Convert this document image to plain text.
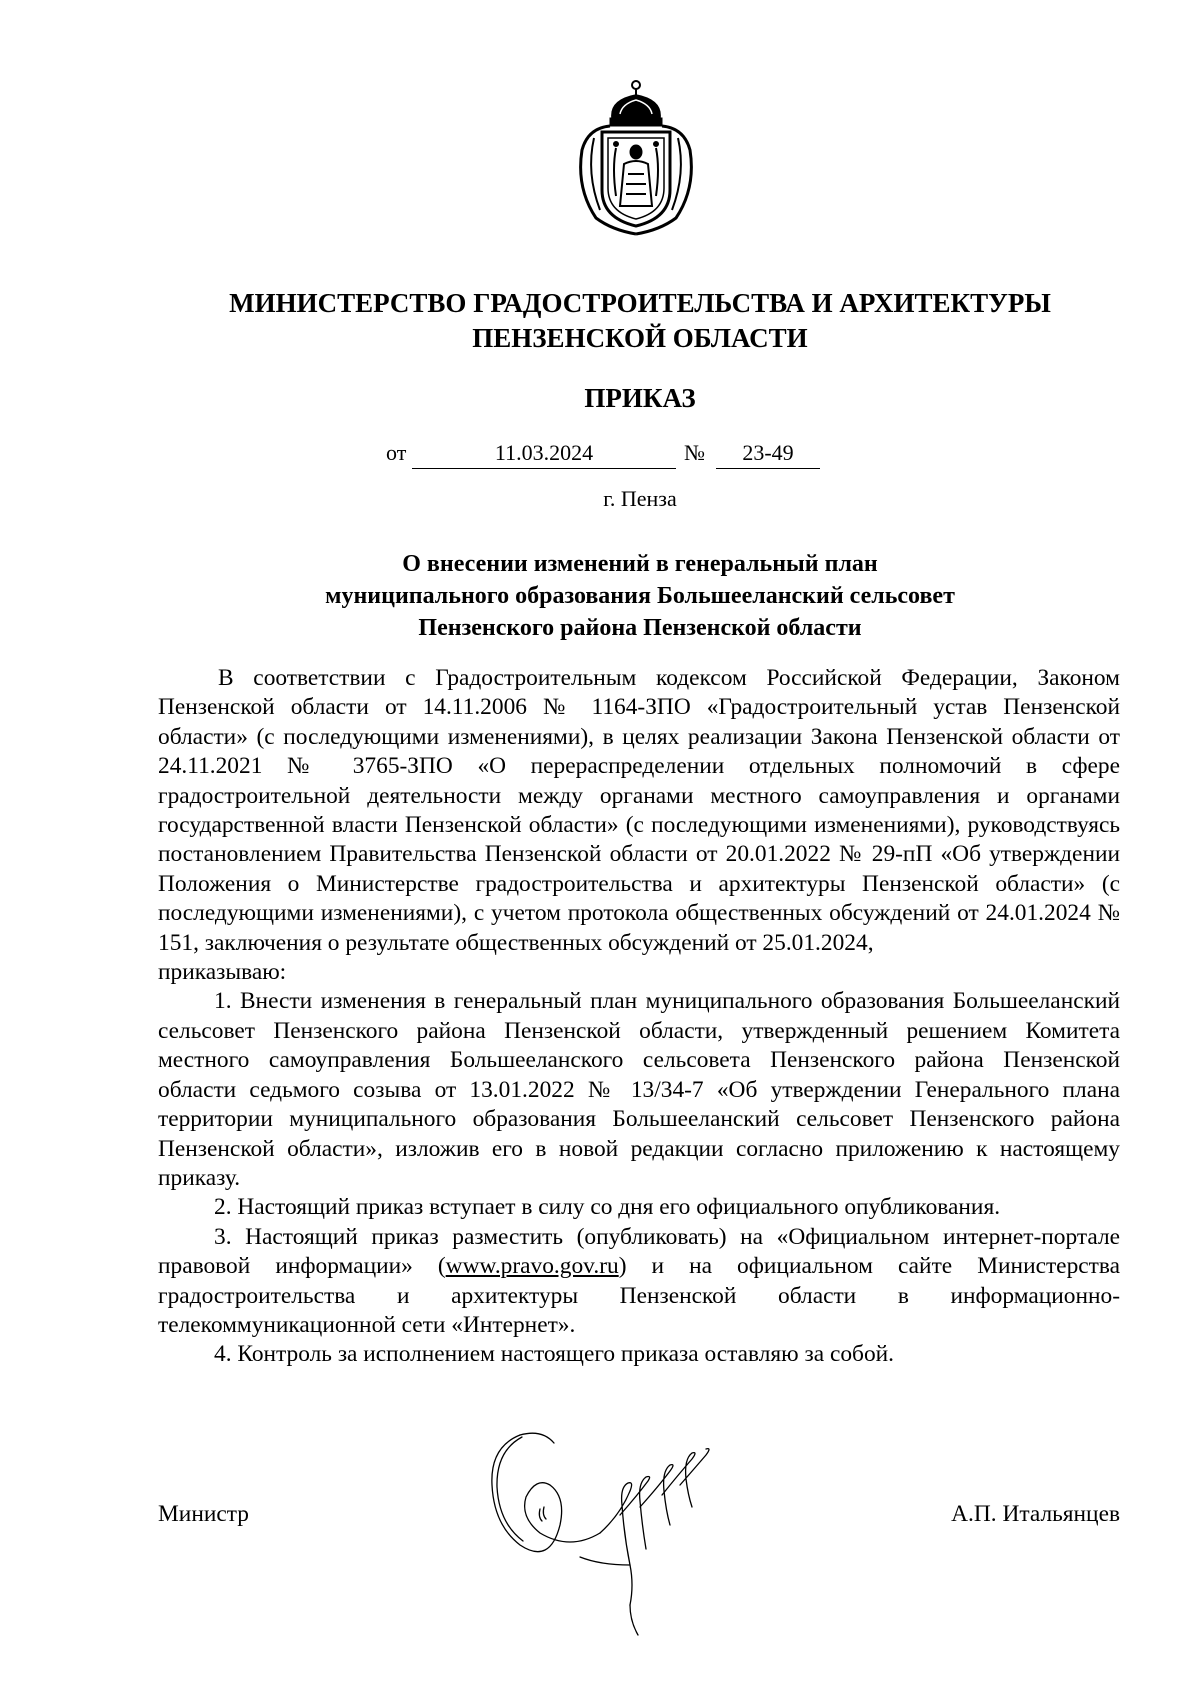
МИНИСТЕРСТВО ГРАДОСТРОИТЕЛЬСТВА И АРХИТЕКТУРЫ
ПЕНЗЕНСКОЙ ОБЛАСТИ
ПРИКАЗ
от	11.03.2024	№	23-49
г. Пенза
О внесении изменений в генеральный план
муниципального образования Большееланский сельсовет
Пензенского района Пензенской области

В соответствии с Градостроительным кодексом Российской Федерации, Законом Пензенской области от 14.11.2006 № 1164-ЗПО «Градостроительный устав Пензенской области» (с последующими изменениями), в целях реализации Закона Пензенской области от 24.11.2021 № 3765-ЗПО «О перераспределении отдельных полномочий в сфере градостроительной деятельности между органами местного самоуправления и органами государственной власти Пензенской области» (с последующими изменениями), руководствуясь постановлением Правительства Пензенской области от 20.01.2022 № 29-пП «Об утверждении Положения о Министерстве градостроительства и архитектуры Пензенской области» (с последующими изменениями), с учетом протокола общественных обсуждений от 24.01.2024 № 151, заключения о результате общественных обсуждений от 25.01.2024,

приказываю:

1. Внести изменения в генеральный план муниципального образования Большееланский сельсовет Пензенского района Пензенской области, утвержденный решением Комитета местного самоуправления Большееланского сельсовета Пензенского района Пензенской области седьмого созыва от 13.01.2022 № 13/34-7 «Об утверждении Генерального плана территории муниципального образования Большееланский сельсовет Пензенского района Пензенской области», изложив его в новой редакции согласно приложению к настоящему приказу.

2. Настоящий приказ вступает в силу со дня его официального опубликования.

3. Настоящий приказ разместить (опубликовать) на «Официальном интернет-портале правовой информации» (www.pravo.gov.ru) и на официальном сайте Министерства градостроительства и архитектуры Пензенской области в информационно-телекоммуникационной сети «Интернет».

4. Контроль за исполнением настоящего приказа оставляю за собой.

Министр	А.П. Итальянцев
